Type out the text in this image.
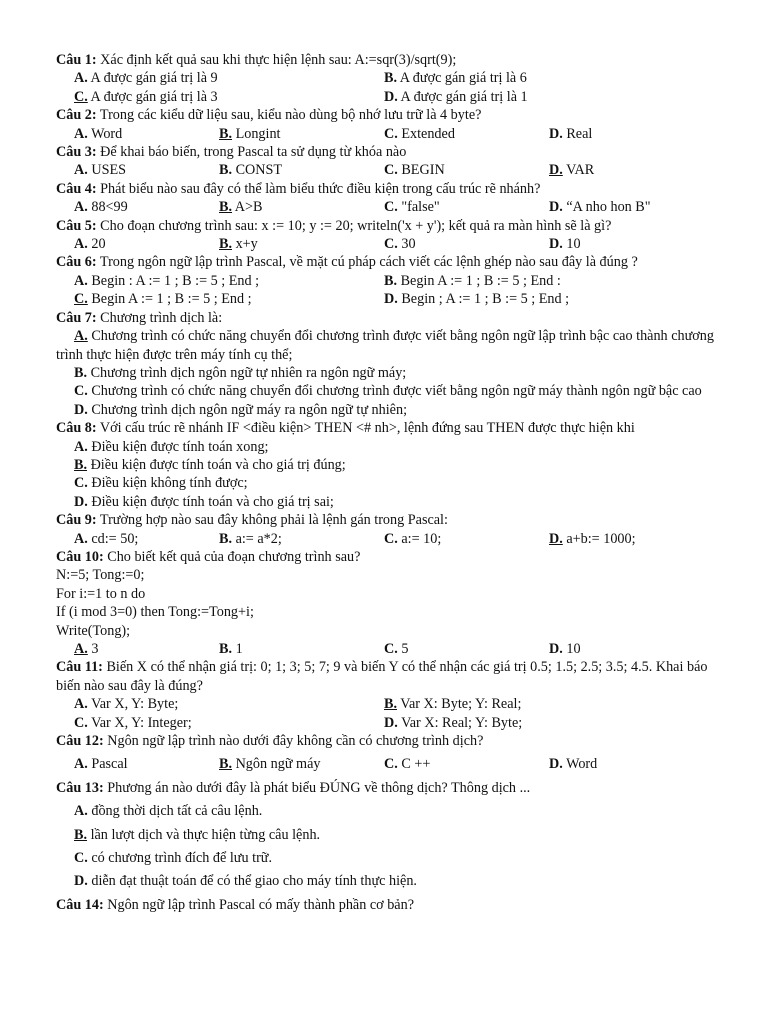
Câu 1: Xác định kết quả sau khi thực hiện lệnh sau: A:=sqr(3)/sqrt(9);
A. A được gán giá trị là 9	B. A được gán giá trị là 6
C. A được gán giá trị là 3	D. A được gán giá trị là 1
Câu 2: Trong các kiểu dữ liệu sau, kiểu nào dùng bộ nhớ lưu trữ là 4 byte?
A. Word	B. Longint	C. Extended	D. Real
Câu 3: Để khai báo biến, trong Pascal ta sử dụng từ khóa nào
A. USES	B. CONST	C. BEGIN	D. VAR
Câu 4: Phát biểu nào sau đây có thể làm biểu thức điều kiện trong cấu trúc rẽ nhánh?
A. 88<99	B. A>B	C. "false"	D. “A nho hon B"
Câu 5: Cho đoạn chương trình sau: x := 10; y := 20; writeln('x + y'); kết quả ra màn hình sẽ là gì?
A. 20	B. x+y	C. 30	D. 10
Câu 6: Trong ngôn ngữ lập trình Pascal, về mặt cú pháp cách viết các lệnh ghép nào sau đây là đúng ?
A. Begin : A := 1 ; B := 5 ; End ;	B. Begin A := 1 ; B := 5 ; End :
C. Begin A := 1 ; B := 5 ; End ;	D. Begin ; A := 1 ; B := 5 ; End ;
Câu 7: Chương trình dịch là:
A. Chương trình có chức năng chuyển đổi chương trình được viết bằng ngôn ngữ lập trình bậc cao thành chương trình thực hiện được trên máy tính cụ thể;
B. Chương trình dịch ngôn ngữ tự nhiên ra ngôn ngữ máy;
C. Chương trình có chức năng chuyển đổi chương trình được viết bằng ngôn ngữ máy thành ngôn ngữ bậc cao
D. Chương trình dịch ngôn ngữ máy ra ngôn ngữ tự nhiên;
Câu 8: Với cấu trúc rẽ nhánh IF <điều kiện> THEN <# nh>, lệnh đứng sau THEN được thực hiện khi
A. Điều kiện được tính toán xong;
B. Điều kiện được tính toán và cho giá trị đúng;
C. Điều kiện không tính được;
D. Điều kiện được tính toán và cho giá trị sai;
Câu 9: Trường hợp nào sau đây không phải là lệnh gán trong Pascal:
A. cd:= 50;	B. a:= a*2;	C. a:= 10;	D. a+b:= 1000;
Câu 10: Cho biết kết quả của đoạn chương trình sau?
N:=5; Tong:=0;
For i:=1 to n do
If (i mod 3=0) then Tong:=Tong+i;
Write(Tong);
A. 3	B. 1	C. 5	D. 10
Câu 11: Biến X có thể nhận giá trị: 0; 1; 3; 5; 7; 9 và biến Y có thể nhận các giá trị 0.5; 1.5; 2.5; 3.5; 4.5. Khai báo biến nào sau đây là đúng?
A. Var X, Y: Byte;	B. Var X: Byte; Y: Real;
C. Var X, Y: Integer;	D. Var X: Real; Y: Byte;
Câu 12: Ngôn ngữ lập trình nào dưới đây không cần có chương trình dịch?
A. Pascal	B. Ngôn ngữ máy	C. C ++	D. Word
Câu 13: Phương án nào dưới đây là phát biểu ĐÚNG về thông dịch? Thông dịch ...
A. đồng thời dịch tất cả câu lệnh.
B. lần lượt dịch và thực hiện từng câu lệnh.
C. có chương trình đích để lưu trữ.
D. diễn đạt thuật toán để có thể giao cho máy tính thực hiện.
Câu 14: Ngôn ngữ lập trình Pascal có mấy thành phần cơ bản?
